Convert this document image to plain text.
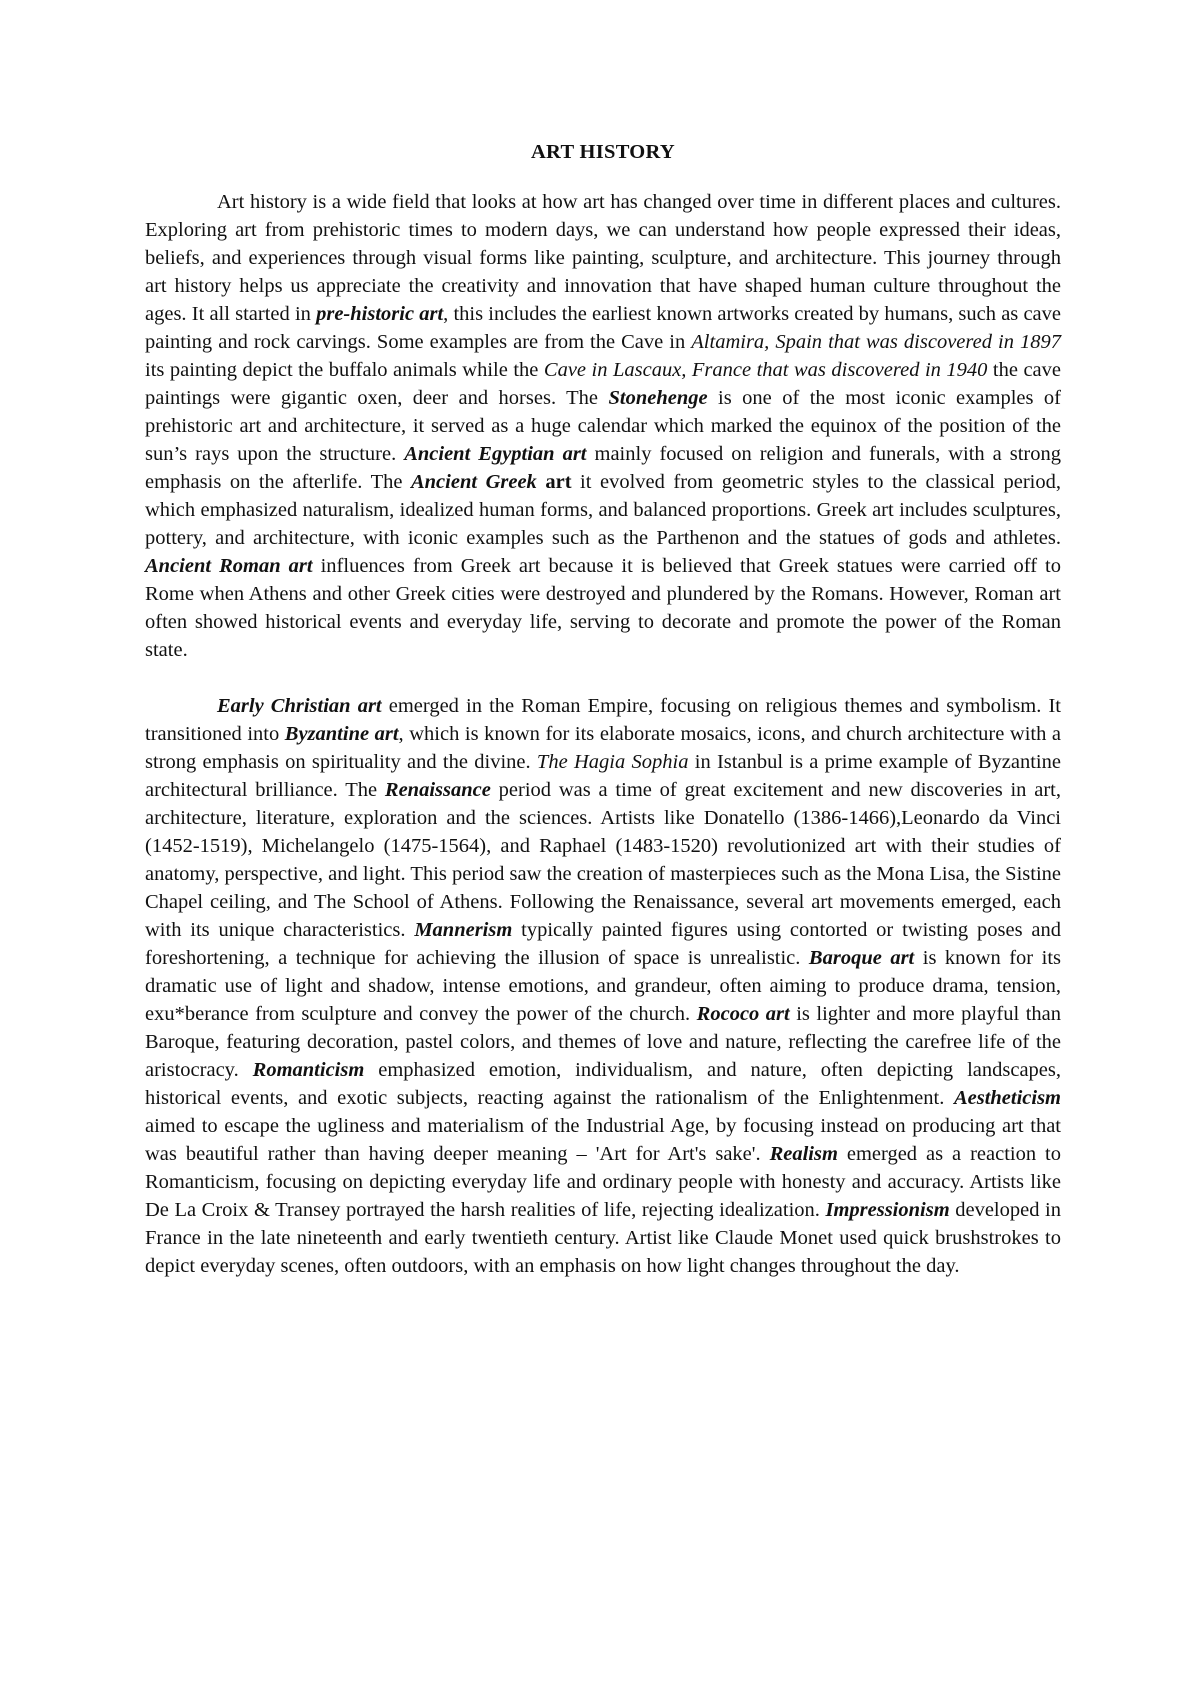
ART HISTORY

Art history is a wide field that looks at how art has changed over time in different places and cultures. Exploring art from prehistoric times to modern days, we can understand how people expressed their ideas, beliefs, and experiences through visual forms like painting, sculpture, and architecture. This journey through art history helps us appreciate the creativity and innovation that have shaped human culture throughout the ages. It all started in pre-historic art, this includes the earliest known artworks created by humans, such as cave painting and rock carvings. Some examples are from the Cave in Altamira, Spain that was discovered in 1897 its painting depict the buffalo animals while the Cave in Lascaux, France that was discovered in 1940 the cave paintings were gigantic oxen, deer and horses. The Stonehenge is one of the most iconic examples of prehistoric art and architecture, it served as a huge calendar which marked the equinox of the position of the sun’s rays upon the structure. Ancient Egyptian art mainly focused on religion and funerals, with a strong emphasis on the afterlife. The Ancient Greek art it evolved from geometric styles to the classical period, which emphasized naturalism, idealized human forms, and balanced proportions. Greek art includes sculptures, pottery, and architecture, with iconic examples such as the Parthenon and the statues of gods and athletes. Ancient Roman art influences from Greek art because it is believed that Greek statues were carried off to Rome when Athens and other Greek cities were destroyed and plundered by the Romans. However, Roman art often showed historical events and everyday life, serving to decorate and promote the power of the Roman state.

Early Christian art emerged in the Roman Empire, focusing on religious themes and symbolism. It transitioned into Byzantine art, which is known for its elaborate mosaics, icons, and church architecture with a strong emphasis on spirituality and the divine. The Hagia Sophia in Istanbul is a prime example of Byzantine architectural brilliance. The Renaissance period was a time of great excitement and new discoveries in art, architecture, literature, exploration and the sciences. Artists like Donatello (1386-1466),Leonardo da Vinci (1452-1519), Michelangelo (1475-1564), and Raphael (1483-1520) revolutionized art with their studies of anatomy, perspective, and light. This period saw the creation of masterpieces such as the Mona Lisa, the Sistine Chapel ceiling, and The School of Athens. Following the Renaissance, several art movements emerged, each with its unique characteristics. Mannerism typically painted figures using contorted or twisting poses and foreshortening, a technique for achieving the illusion of space is unrealistic. Baroque art is known for its dramatic use of light and shadow, intense emotions, and grandeur, often aiming to produce drama, tension, exu*berance from sculpture and convey the power of the church. Rococo art is lighter and more playful than Baroque, featuring decoration, pastel colors, and themes of love and nature, reflecting the carefree life of the aristocracy. Romanticism emphasized emotion, individualism, and nature, often depicting landscapes, historical events, and exotic subjects, reacting against the rationalism of the Enlightenment. Aestheticism aimed to escape the ugliness and materialism of the Industrial Age, by focusing instead on producing art that was beautiful rather than having deeper meaning – 'Art for Art's sake'. Realism emerged as a reaction to Romanticism, focusing on depicting everyday life and ordinary people with honesty and accuracy. Artists like De La Croix & Transey portrayed the harsh realities of life, rejecting idealization. Impressionism developed in France in the late nineteenth and early twentieth century. Artist like Claude Monet used quick brushstrokes to depict everyday scenes, often outdoors, with an emphasis on how light changes throughout the day.
